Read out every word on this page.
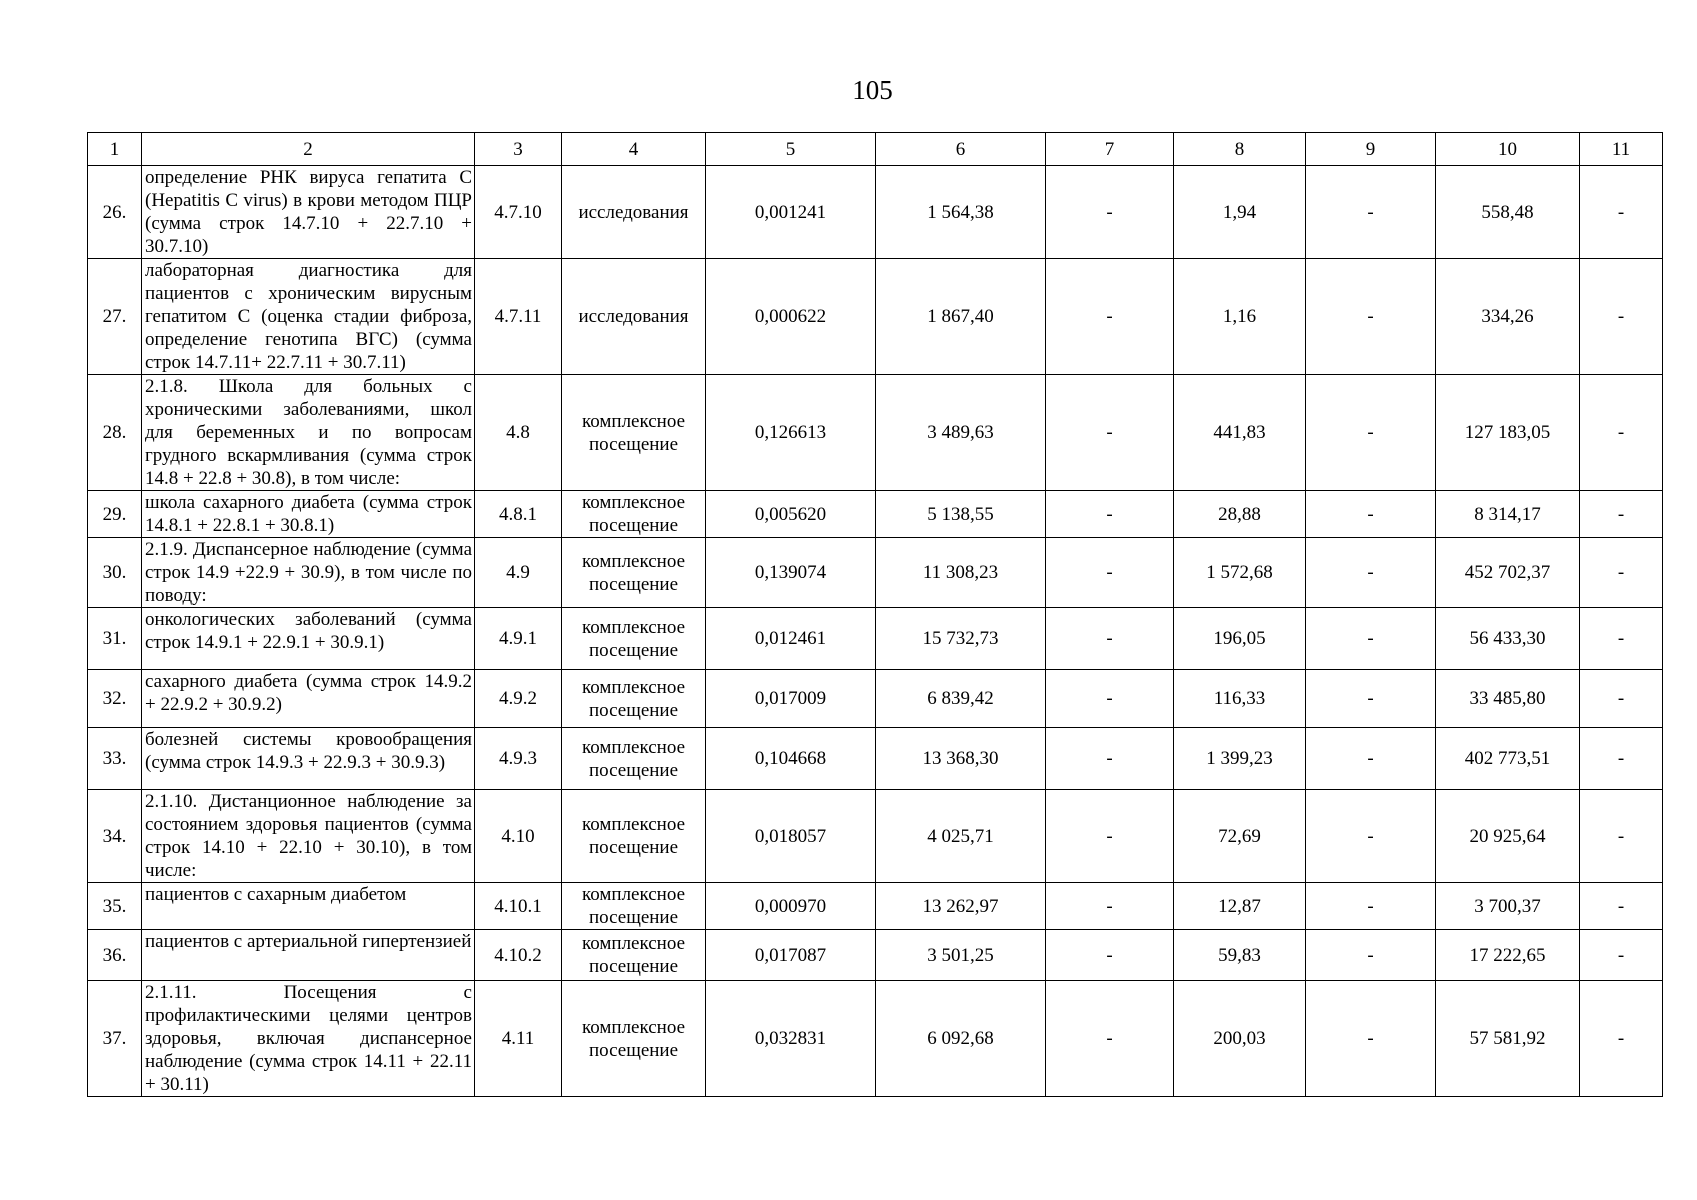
105
1	2	3	4	5	6	7	8	9	10	11
26.	определение РНК вируса гепатита С (Hepatitis C virus) в крови методом ПЦР (сумма строк 14.7.10 + 22.7.10 + 30.7.10)	4.7.10	исследования	0,001241	1 564,38	-	1,94	-	558,48	-
27.	лабораторная диагностика для пациентов с хроническим вирусным гепатитом С (оценка стадии фиброза, определение генотипа ВГС) (сумма строк 14.7.11+ 22.7.11 + 30.7.11)	4.7.11	исследования	0,000622	1 867,40	-	1,16	-	334,26	-
28.	2.1.8. Школа для больных с хроническими заболеваниями, школ для беременных и по вопросам грудного вскармливания (сумма строк 14.8 + 22.8 + 30.8), в том числе:	4.8	комплексное посещение	0,126613	3 489,63	-	441,83	-	127 183,05	-
29.	школа сахарного диабета (сумма строк 14.8.1 + 22.8.1 + 30.8.1)	4.8.1	комплексное посещение	0,005620	5 138,55	-	28,88	-	8 314,17	-
30.	2.1.9. Диспансерное наблюдение (сумма строк 14.9 +22.9 + 30.9), в том числе по поводу:	4.9	комплексное посещение	0,139074	11 308,23	-	1 572,68	-	452 702,37	-
31.	онкологических заболеваний (сумма строк 14.9.1 + 22.9.1 + 30.9.1)	4.9.1	комплексное посещение	0,012461	15 732,73	-	196,05	-	56 433,30	-
32.	сахарного диабета (сумма строк 14.9.2 + 22.9.2 + 30.9.2)	4.9.2	комплексное посещение	0,017009	6 839,42	-	116,33	-	33 485,80	-
33.	болезней системы кровообращения (сумма строк 14.9.3 + 22.9.3 + 30.9.3)	4.9.3	комплексное посещение	0,104668	13 368,30	-	1 399,23	-	402 773,51	-
34.	2.1.10. Дистанционное наблюдение за состоянием здоровья пациентов (сумма строк 14.10 + 22.10 + 30.10), в том числе:	4.10	комплексное посещение	0,018057	4 025,71	-	72,69	-	20 925,64	-
35.	пациентов с сахарным диабетом	4.10.1	комплексное посещение	0,000970	13 262,97	-	12,87	-	3 700,37	-
36.	пациентов с артериальной гипертензией	4.10.2	комплексное посещение	0,017087	3 501,25	-	59,83	-	17 222,65	-
37.	2.1.11. Посещения с профилактическими целями центров здоровья, включая диспансерное наблюдение (сумма строк 14.11 + 22.11 + 30.11)	4.11	комплексное посещение	0,032831	6 092,68	-	200,03	-	57 581,92	-
